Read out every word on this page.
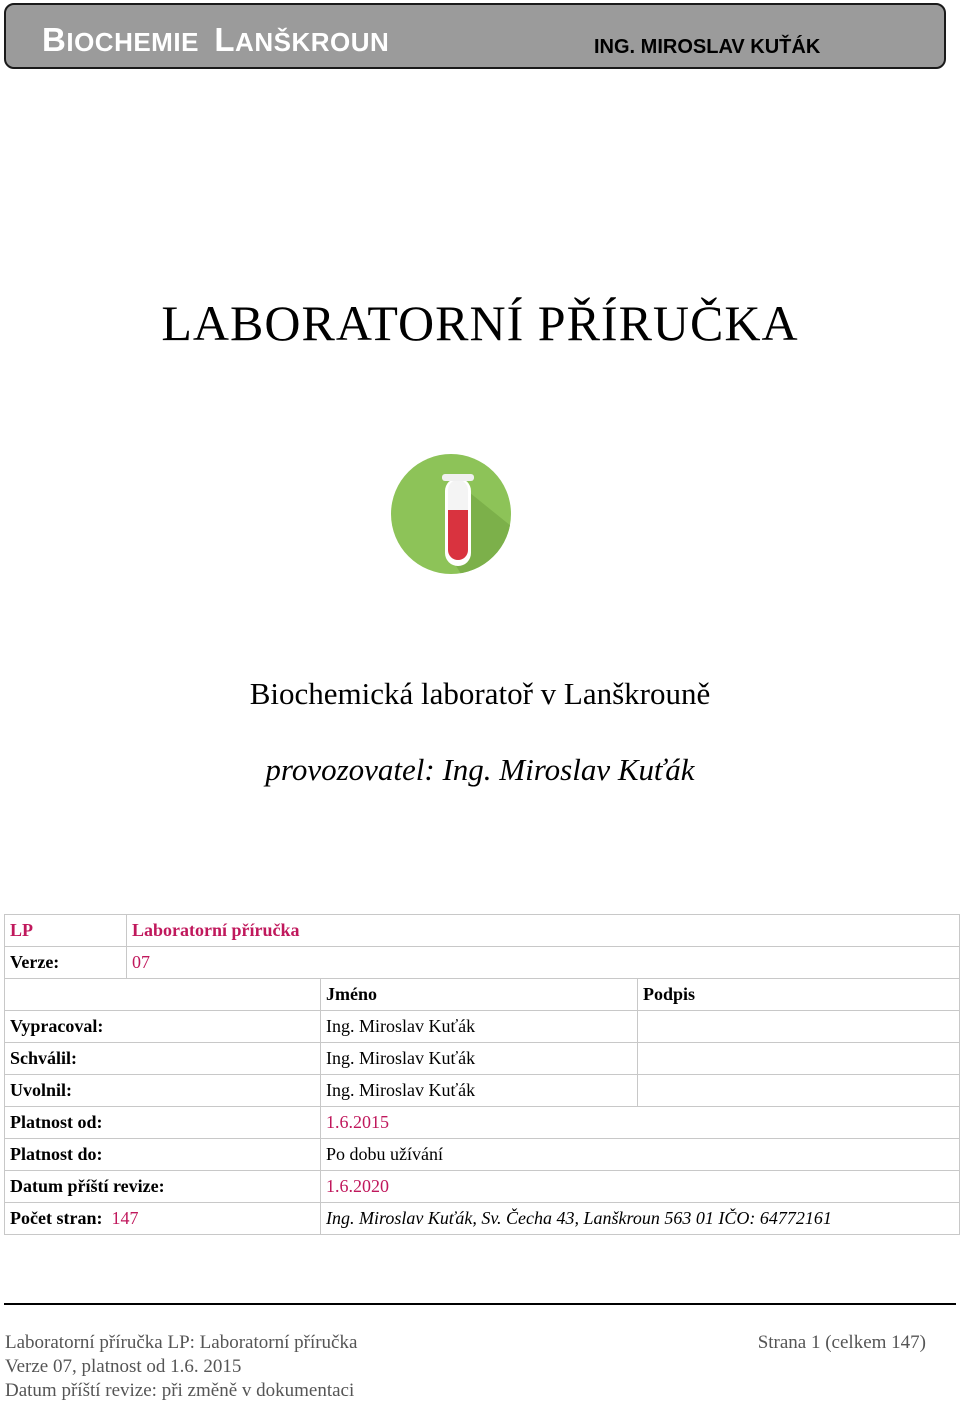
BIOCHEMIE LANŠKROUN	ING. MIROSLAV KUŤÁK
LABORATORNÍ PŘÍRUČKA
Biochemická laboratoř v Lanškrouně
provozovatel: Ing. Miroslav Kuťák
LP	Laboratorní příručka		
Verze:	07		
		Jméno	Podpis
Vypracoval:		Ing. Miroslav Kuťák	
Schválil:		Ing. Miroslav Kuťák	
Uvolnil:		Ing. Miroslav Kuťák	
Platnost od:		1.6.2015	
Platnost do:		Po dobu užívání	
Datum příští revize:		1.6.2020	
Počet stran: 147		Ing. Miroslav Kuťák, Sv. Čecha 43, Lanškroun 563 01 IČO: 64772161	
Laboratorní příručka LP: Laboratorní příručka
Verze 07, platnost od 1.6. 2015
Datum příští revize: při změně v dokumentaci
Strana 1 (celkem 147)
